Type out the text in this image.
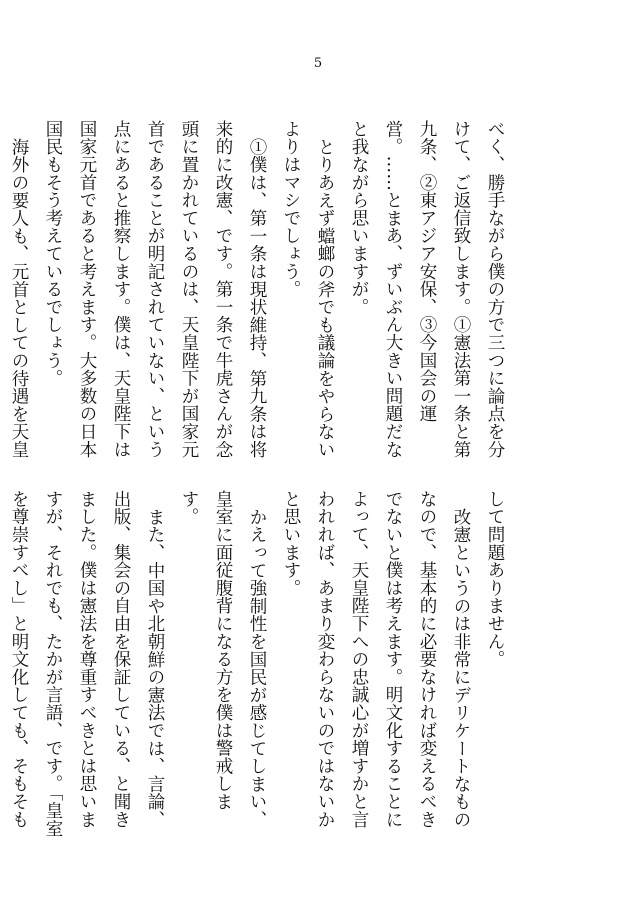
5

べく、勝手ながら僕の方で三つに論点を分けて、ご返信致します。①憲法第一条と第九条、②東アジア安保、③今国会の運営。……とまあ、ずいぶん大きい問題だなと我ながら思いますが。

とりあえず蟷螂の斧でも議論をやらないよりはマシでしょう。

①僕は、第一条は現状維持、第九条は将来的に改憲、です。第一条で牛虎さんが念頭に置かれているのは、天皇陛下が国家元首であることが明記されていない、という点にあると推察します。僕は、天皇陛下は国家元首であると考えます。大多数の日本国民もそう考えているでしょう。

海外の要人も、元首としての待遇を天皇

して問題ありません。

改憲というのは非常にデリケートなものなので、基本的に必要なければ変えるべきでないと僕は考えます。明文化することによって、天皇陛下への忠誠心が増すかと言われれば、あまり変わらないのではないかと思います。

かえって強制性を国民が感じてしまい、皇室に面従腹背になる方を僕は警戒します。

また、中国や北朝鮮の憲法では、言論、出版、集会の自由を保証している、と聞きました。僕は憲法を尊重すべきとは思いますが、それでも、たかが言語、です。「皇室を尊崇すべし」と明文化しても、そもそも
